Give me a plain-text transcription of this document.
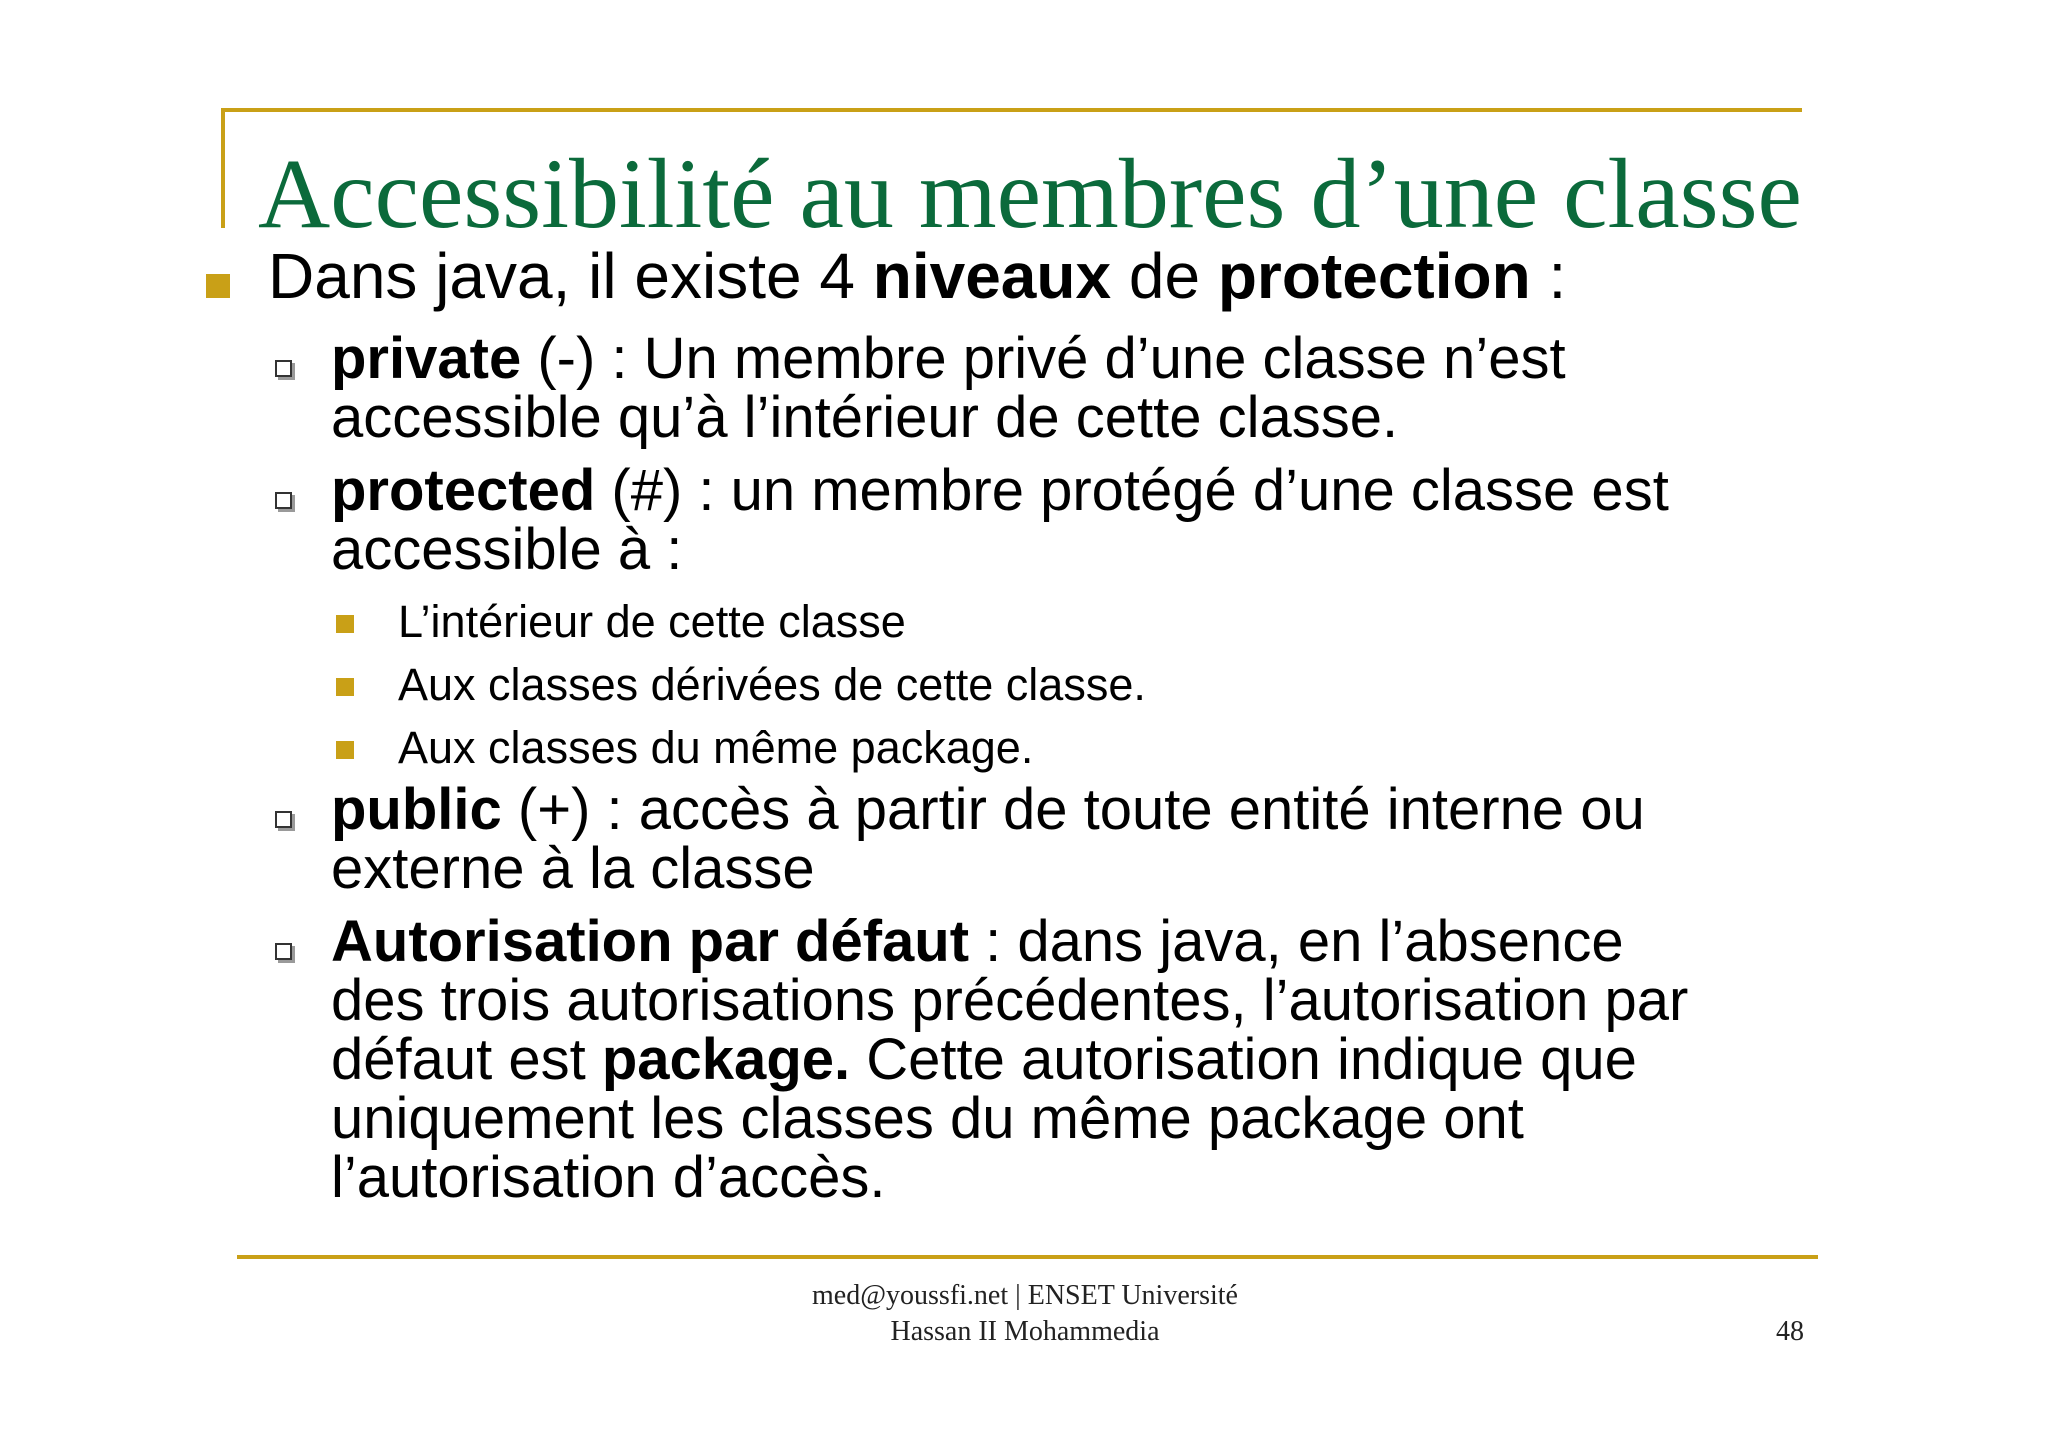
Accessibilité au membres d’une classe
Dans java, il existe 4 niveaux de protection :
private (-) : Un membre privé d’une classe n’est
accessible qu’à l’intérieur de cette classe.
protected (#) : un membre protégé d’une classe est
accessible à :
L’intérieur de cette classe
Aux classes dérivées de cette classe.
Aux classes du même package.
public (+) : accès à partir de toute entité interne ou
externe à la classe
Autorisation par défaut : dans java, en l’absence
des trois autorisations précédentes, l’autorisation par
défaut est package. Cette autorisation indique que
uniquement les classes du même package ont
l’autorisation d’accès.
med@youssfi.net | ENSET Université
Hassan II Mohammedia	48
